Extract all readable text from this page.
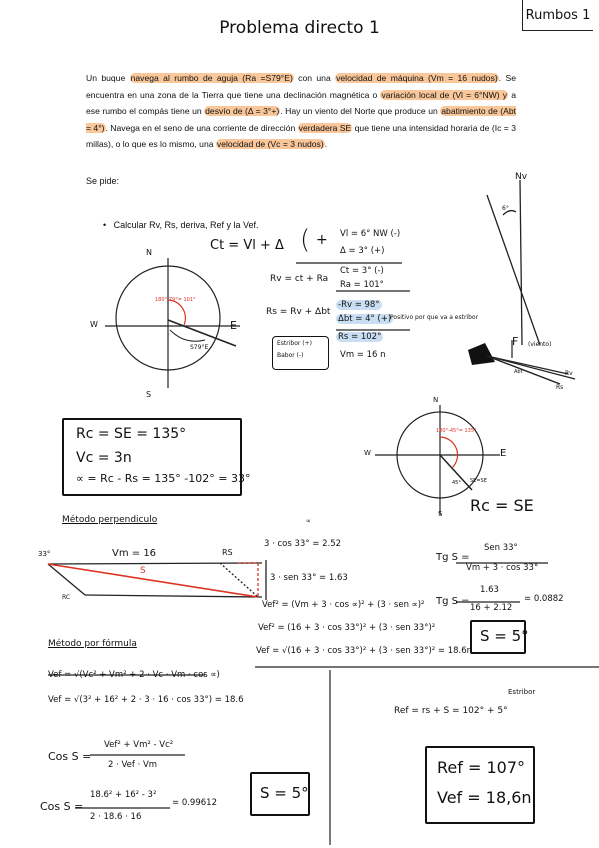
Rumbos 1
Problema directo 1
Un buque navega al rumbo de aguja (Ra =S79°E) con una velocidad de máquina (Vm = 16 nudos). Se encuentra en una zona de la Tierra que tiene una declinación magnética o variación local de (Vl = 6°NW) y a ese rumbo el compás tiene un desvío de (Δ = 3°+). Hay un viento del Norte que produce un abatimiento de (Abt = 4°). Navega en el seno de una corriente de dirección verdadera SE que tiene una intensidad horaria de (Ic = 3 millas), o lo que es lo mismo, una velocidad de (Vc = 3 nudos).
Se pide:
•   Calcular Rv, Rs, deriva, Ref y la Vef.
N
S
E
W
180°-79°= 101°
S79°E
Ct = Vl + Δ ( + Vl = 6° NW (-)
Δ = 3° (+)
Rv = ct + Ra
Ct = 3° (-)
Ra = 101°
Rs = Rv + Δbt
-Rv = 98°
Δbt = 4° (+)
Positivo por que va a estribor
Rs = 102°
Vm = 16 n
Estribor (+)
Babor (-)
Nv
6°
F (viento)
Rv
Rs
Abt
N
S
E
W
180°-45°= 135°
SE=SE
45°
Rc = SE
Rc = SE = 135°
Vc = 3n
∝ = Rc - Rs = 135° -102° = 33°
Método perpendiculo
Vm = 16	RS
33°
RC
S
∝
3 · cos 33° = 2.52
3 · sen 33° = 1.63
Vef² = (Vm + 3 · cos ∝)² + (3 · sen ∝)²
Vef² = (16 + 3 · cos 33°)² + (3 · sen 33°)²
Vef = √(16 + 3 · cos 33°)² + (3 · sen 33°)² = 18.6n
Tg S =
Sen 33°
Vm + 3 · cos 33°
Tg S =
1.63
16 + 2.12
= 0.0882
S = 5°
Método por fórmula
Vef = √(Vc² + Vm² + 2 · Vc · Vm · cos ∝)
Vef = √(3² + 16² + 2 · 3 · 16 · cos 33°) = 18.6
Cos S =
Vef² + Vm² - Vc²
2 · Vef · Vm
Cos S =
18.6² + 16² - 3²
2 · 18.6 · 16
= 0.99612
S = 5°
Estribor
Ref = rs + S = 102° + 5°
Ref = 107°
Vef = 18,6n
